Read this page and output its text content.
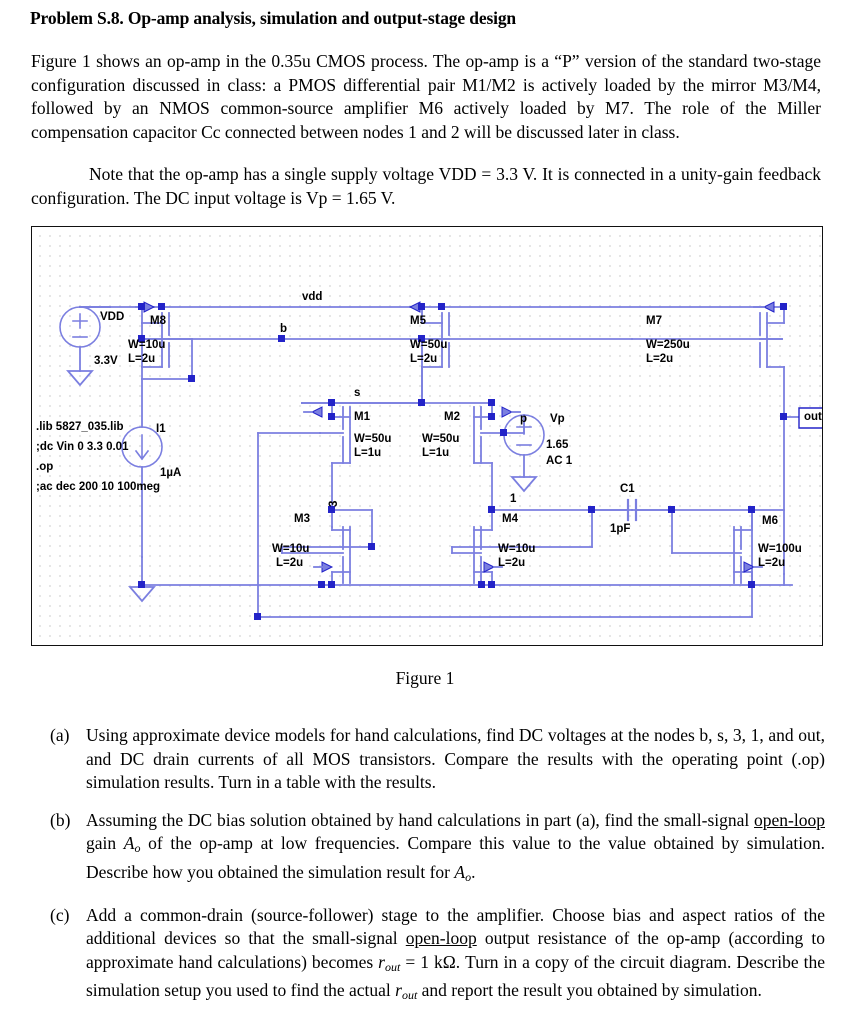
Problem S.8. Op-amp analysis, simulation and output-stage design
Figure 1 shows an op-amp in the 0.35u CMOS process. The op-amp is a “P” version of the standard two-stage configuration discussed in class: a PMOS differential pair M1/M2 is actively loaded by the mirror M3/M4, followed by an NMOS common-source amplifier M6 actively loaded by M7. The role of the Miller compensation capacitor Cc connected between nodes 1 and 2 will be discussed later in class.
Note that the op-amp has a single supply voltage VDD = 3.3 V. It is connected in a unity-gain feedback configuration. The DC input voltage is Vp = 1.65 V.
out
vdd
b
s
p
3	1
VDD
3.3V
I1
1µA
Vp
1.65
AC 1
C1
1pF
M8
W=10u
L=2u
M5
W=50u
L=2u
M7
W=250u
L=2u
M1
W=50u
L=1u
M2
W=50u
L=1u
M3
W=10u
L=2u
M4
W=10u
L=2u
M6
W=100u
L=2u
.lib 5827_035.lib
;dc Vin 0 3.3 0.01
.op
;ac dec 200 10 100meg
Figure 1
(a) Using approximate device models for hand calculations, find DC voltages at the nodes b, s, 3, 1, and out, and DC drain currents of all MOS transistors. Compare the results with the operating point (.op) simulation results. Turn in a table with the results.
(b) Assuming the DC bias solution obtained by hand calculations in part (a), find the small-signal open-loop gain $A_o$ of the op-amp at low frequencies. Compare this value to the value obtained by simulation. Describe how you obtained the simulation result for $A_o$.
(c) Add a common-drain (source-follower) stage to the amplifier. Choose bias and aspect ratios of the additional devices so that the small-signal open-loop output resistance of the op-amp (according to approximate hand calculations) becomes $r_{out} = 1$ kΩ. Turn in a copy of the circuit diagram. Describe the simulation setup you used to find the actual $r_{out}$ and report the result you obtained by simulation.
